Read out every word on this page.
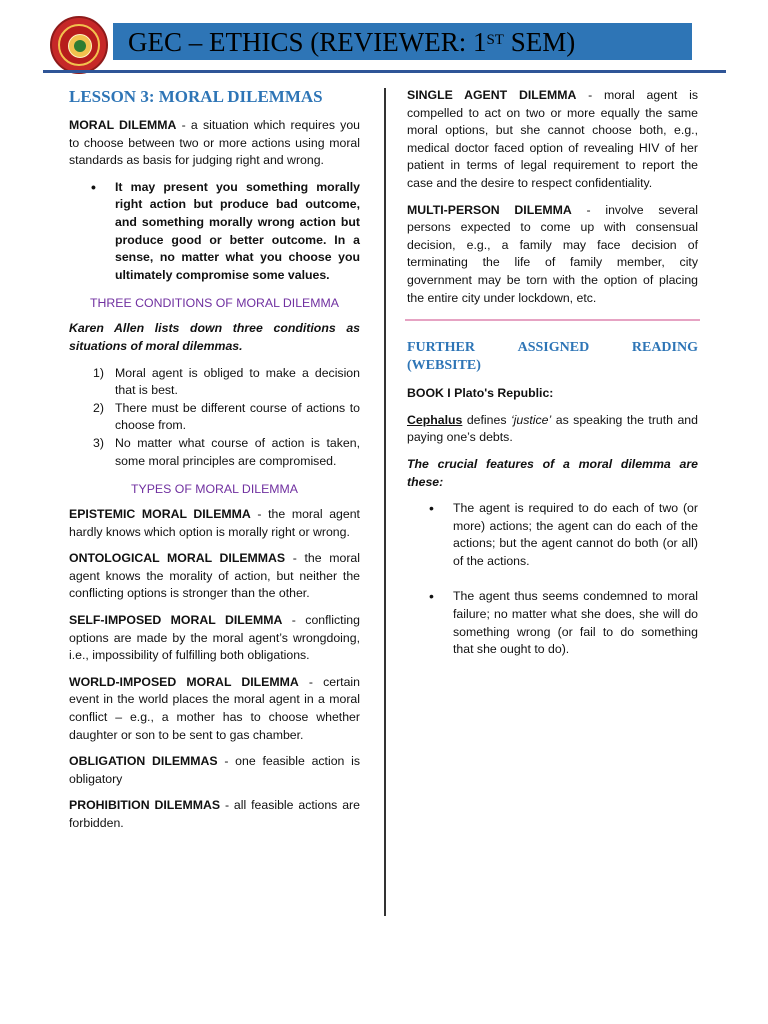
GEC – ETHICS (REVIEWER: 1ST SEM)
LESSON 3: MORAL DILEMMAS

MORAL DILEMMA - a situation which requires you to choose between two or more actions using moral standards as basis for judging right and wrong.

• It may present you something morally right action but produce bad outcome, and something morally wrong action but produce good or better outcome. In a sense, no matter what you choose you ultimately compromise some values.
THREE CONDITIONS OF MORAL DILEMMA

Karen Allen lists down three conditions as situations of moral dilemmas.

1) Moral agent is obliged to make a decision that is best.
2) There must be different course of actions to choose from.
3) No matter what course of action is taken, some moral principles are compromised.
TYPES OF MORAL DILEMMA

EPISTEMIC MORAL DILEMMA - the moral agent hardly knows which option is morally right or wrong.

ONTOLOGICAL MORAL DILEMMAS - the moral agent knows the morality of action, but neither the conflicting options is stronger than the other.

SELF-IMPOSED MORAL DILEMMA - conflicting options are made by the moral agent’s wrongdoing, i.e., impossibility of fulfilling both obligations.

WORLD-IMPOSED MORAL DILEMMA - certain event in the world places the moral agent in a moral conflict – e.g., a mother has to choose whether daughter or son to be sent to gas chamber.

OBLIGATION DILEMMAS - one feasible action is obligatory

PROHIBITION DILEMMAS - all feasible actions are forbidden.

SINGLE AGENT DILEMMA - moral agent is compelled to act on two or more equally the same moral options, but she cannot choose both, e.g., medical doctor faced option of revealing HIV of her patient in terms of legal requirement to report the case and the desire to respect confidentiality.

MULTI-PERSON DILEMMA - involve several persons expected to come up with consensual decision, e.g., a family may face decision of terminating the life of family member, city government may be torn with the option of placing the entire city under lockdown, etc.

FURTHER	ASSIGNED	READING
(WEBSITE)

BOOK I Plato's Republic:

Cephalus defines ‘justice’ as speaking the truth and paying one’s debts.

The crucial features of a moral dilemma are these:

• The agent is required to do each of two (or more) actions; the agent can do each of the actions; but the agent cannot do both (or all) of the actions.
• The agent thus seems condemned to moral failure; no matter what she does, she will do something wrong (or fail to do something that she ought to do).
